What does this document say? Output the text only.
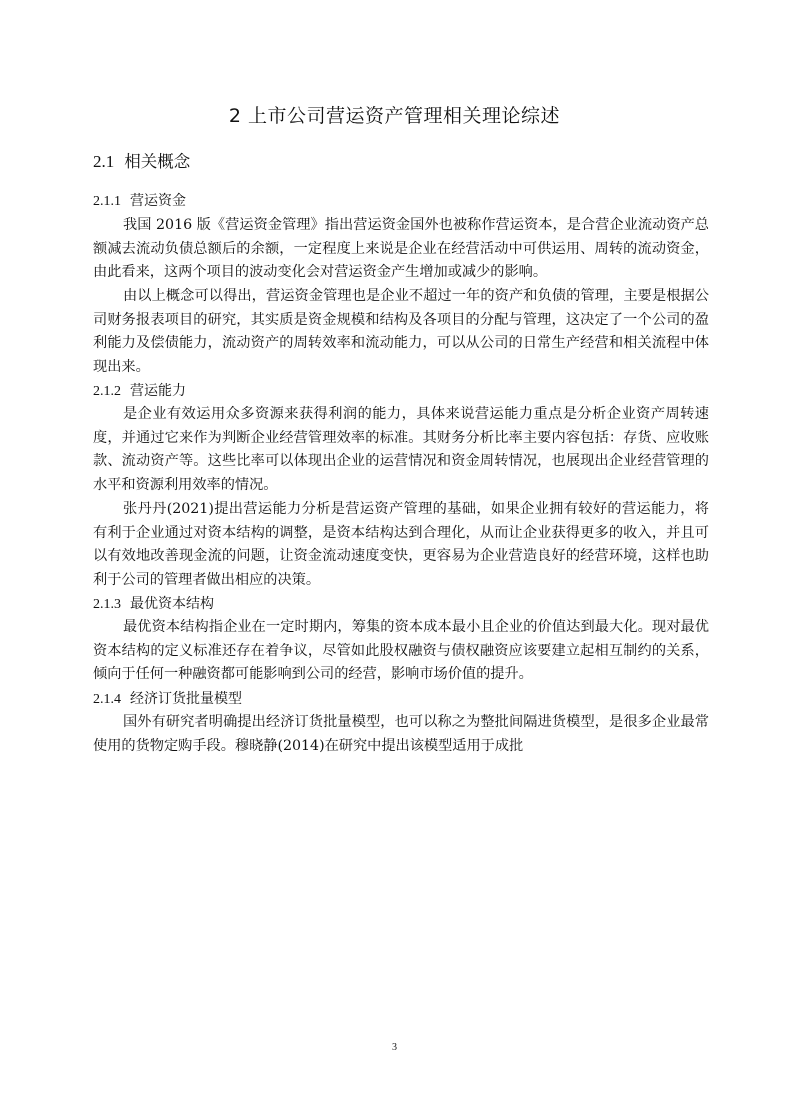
2 上市公司营运资产管理相关理论综述
2.1 相关概念
2.1.1 营运资金

我国 2016 版《营运资金管理》指出营运资金国外也被称作营运资本，是合营企业流动资产总额减去流动负债总额后的余额，一定程度上来说是企业在经营活动中可供运用、周转的流动资金，由此看来，这两个项目的波动变化会对营运资金产生增加或减少的影响。

由以上概念可以得出，营运资金管理也是企业不超过一年的资产和负债的管理，主要是根据公司财务报表项目的研究，其实质是资金规模和结构及各项目的分配与管理，这决定了一个公司的盈利能力及偿债能力，流动资产的周转效率和流动能力，可以从公司的日常生产经营和相关流程中体现出来。

2.1.2 营运能力

是企业有效运用众多资源来获得利润的能力，具体来说营运能力重点是分析企业资产周转速度，并通过它来作为判断企业经营管理效率的标准。其财务分析比率主要内容包括：存货、应收账款、流动资产等。这些比率可以体现出企业的运营情况和资金周转情况，也展现出企业经营管理的水平和资源利用效率的情况。

张丹丹(2021)提出营运能力分析是营运资产管理的基础，如果企业拥有较好的营运能力，将有利于企业通过对资本结构的调整，是资本结构达到合理化，从而让企业获得更多的收入，并且可以有效地改善现金流的问题，让资金流动速度变快，更容易为企业营造良好的经营环境，这样也助利于公司的管理者做出相应的决策。

2.1.3 最优资本结构

最优资本结构指企业在一定时期内，筹集的资本成本最小且企业的价值达到最大化。现对最优资本结构的定义标准还存在着争议，尽管如此股权融资与债权融资应该要建立起相互制约的关系，倾向于任何一种融资都可能影响到公司的经营，影响市场价值的提升。

2.1.4 经济订货批量模型

国外有研究者明确提出经济订货批量模型，也可以称之为整批间隔进货模型，是很多企业最常使用的货物定购手段。穆晓静(2014)在研究中提出该模型适用于成批

3
